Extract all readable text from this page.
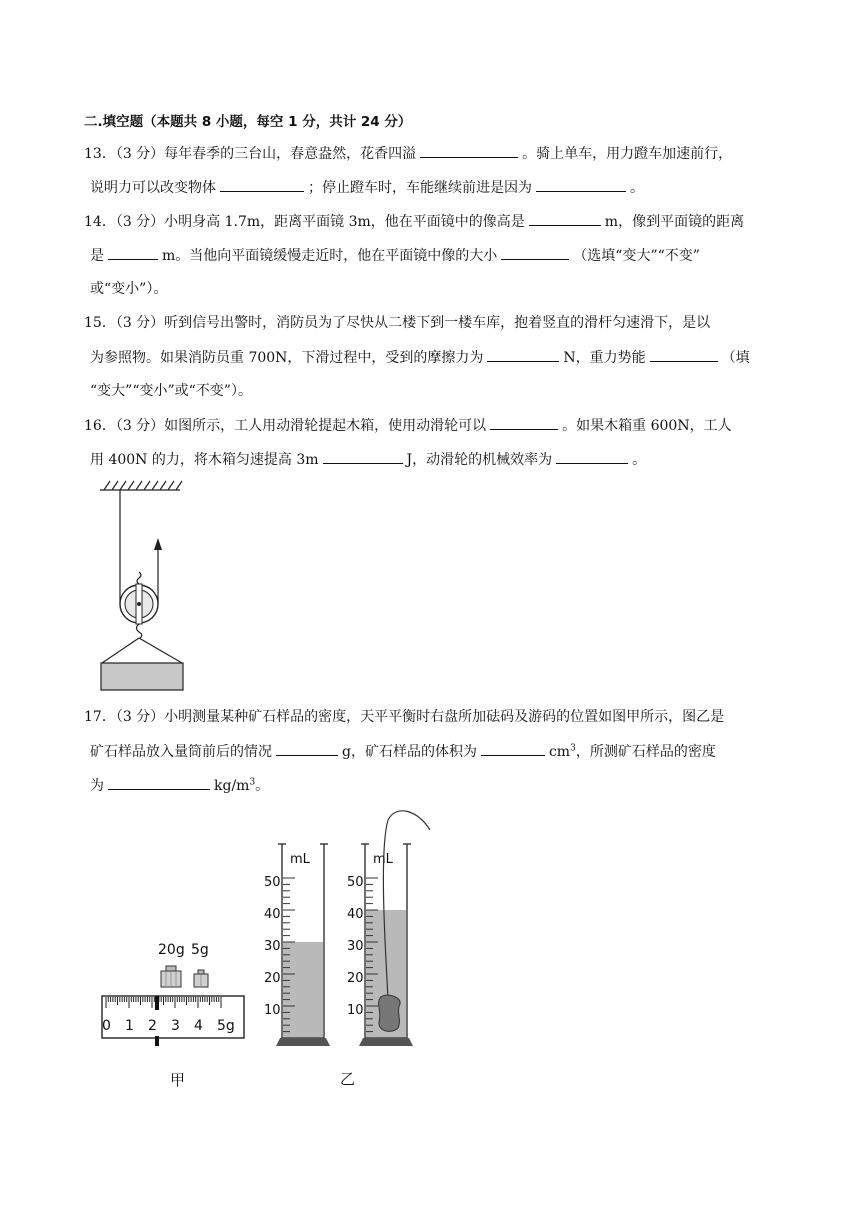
二.填空题（本题共 8 小题，每空 1 分，共计 24 分）
13．（3 分）每年春季的三台山，春意盎然，花香四溢	。骑上单车，用力蹬车加速前行，
说明力可以改变物体	；停止蹬车时，车能继续前进是因为	。
14．（3 分）小明身高 1.7m，距离平面镜 3m，他在平面镜中的像高是	m，像到平面镜的距离
是	m。当他向平面镜缓慢走近时，他在平面镜中像的大小	（选填“变大”“不变”
或“变小”）。
15．（3 分）听到信号出警时，消防员为了尽快从二楼下到一楼车库，抱着竖直的滑杆匀速滑下，是以
为参照物。如果消防员重 700N，下滑过程中，受到的摩擦力为	N，重力势能	（填
“变大”“变小”或“不变”）。
16．（3 分）如图所示，工人用动滑轮提起木箱，使用动滑轮可以	。如果木箱重 600N，工人
用 400N 的力，将木箱匀速提高 3m	J，动滑轮的机械效率为	。
17．（3 分）小明测量某种矿石样品的密度，天平平衡时右盘所加砝码及游码的位置如图甲所示，图乙是
矿石样品放入量筒前后的情况	g，矿石样品的体积为	$cm^3$，所测矿石样品的密度
为	$kg/m^3$。
20g 5g
0 1 2 3 4 5g
甲
mL
50
40
30
20
10
mL
50
40
30
20
10
乙
